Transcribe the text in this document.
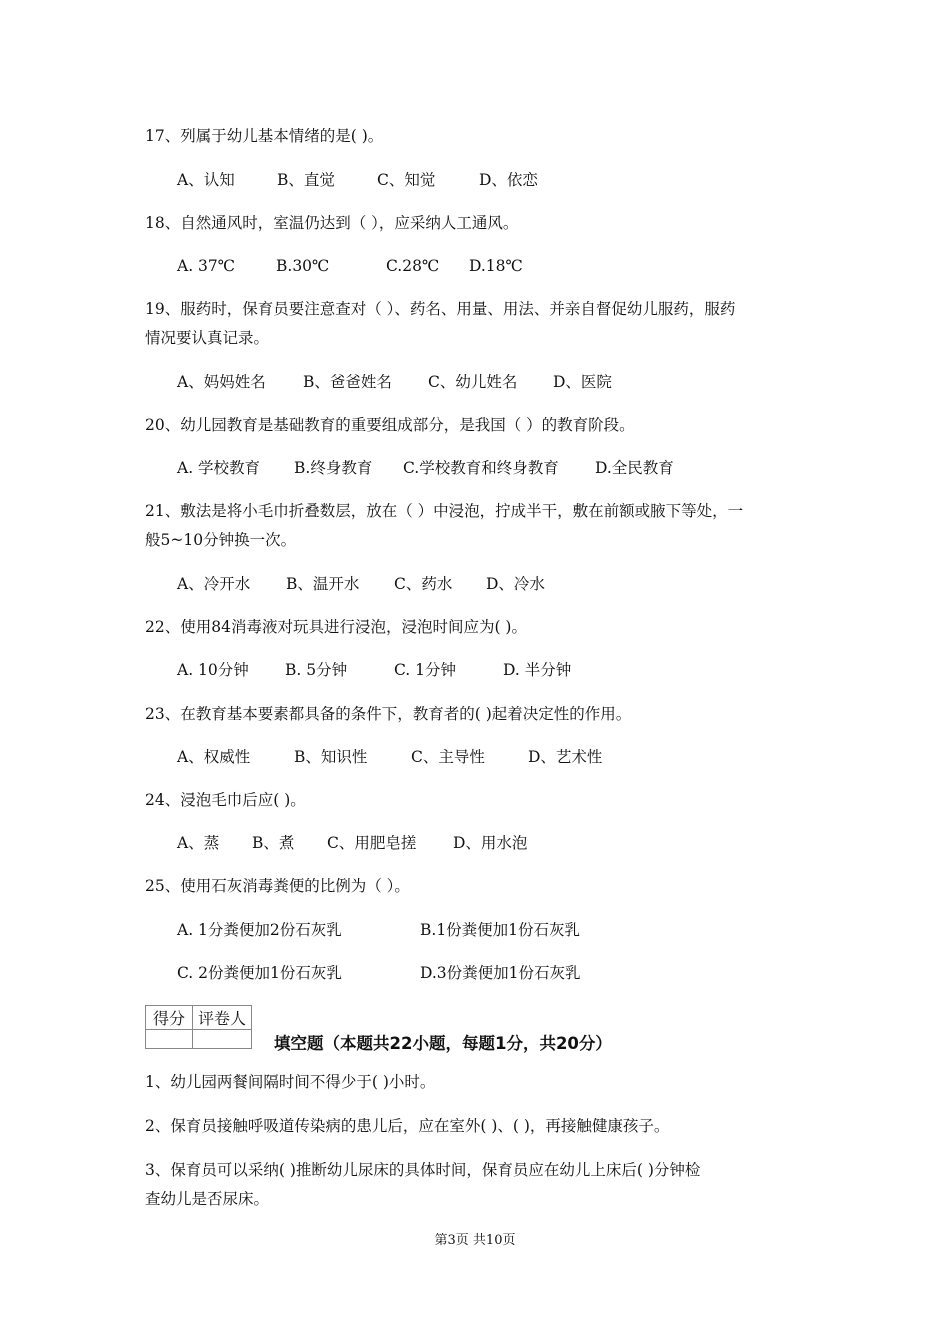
17、列属于幼儿基本情绪的是( )。
A、认知	B、直觉	C、知觉	D、依恋
18、自然通风时，室温仍达到（ ），应采纳人工通风。
A. 37℃	B.30℃	C.28℃ D.18℃
19、服药时，保育员要注意查对（ ）、药名、用量、用法、并亲自督促幼儿服药，服药
情况要认真记录。
A、妈妈姓名 B、爸爸姓名 C、幼儿姓名 D、医院
20、幼儿园教育是基础教育的重要组成部分，是我国（ ）的教育阶段。
A. 学校教育 B.终身教育 C.学校教育和终身教育 D.全民教育
21、敷法是将小毛巾折叠数层，放在（ ）中浸泡，拧成半干，敷在前额或腋下等处，一
般5~10分钟换一次。
A、冷开水 B、温开水 C、药水 D、冷水
22、使用84消毒液对玩具进行浸泡，浸泡时间应为( )。
A. 10分钟 B. 5分钟	C. 1分钟	D. 半分钟
23、在教育基本要素都具备的条件下，教育者的( )起着决定性的作用。
A、权威性	B、知识性	C、主导性	D、艺术性
24、浸泡毛巾后应( )。
A、蒸 B、煮 C、用肥皂搓 D、用水泡
25、使用石灰消毒粪便的比例为（ ）。
A. 1分粪便加2份石灰乳	B.1份粪便加1份石灰乳
C. 2份粪便加1份石灰乳	D.3份粪便加1份石灰乳
得分	评卷人

填空题（本题共22小题，每题1分，共20分）
1、幼儿园两餐间隔时间不得少于( )小时。
2、保育员接触呼吸道传染病的患儿后，应在室外( )、( )，再接触健康孩子。
3、保育员可以采纳( )推断幼儿尿床的具体时间，保育员应在幼儿上床后( )分钟检
查幼儿是否尿床。
第3页 共10页
